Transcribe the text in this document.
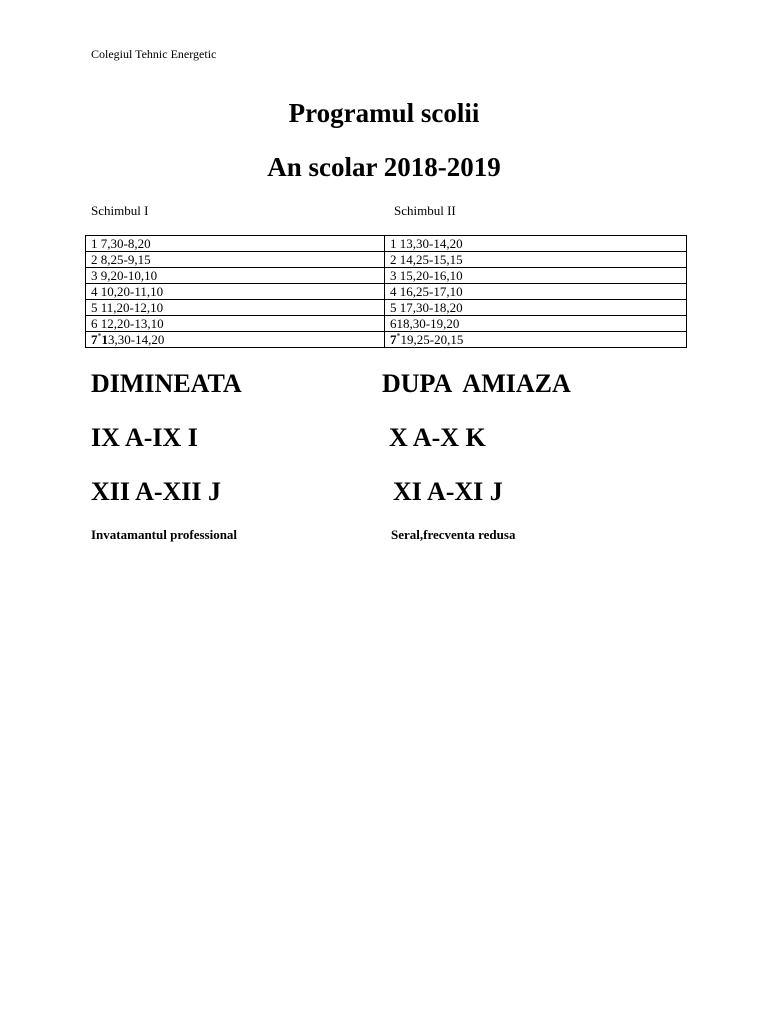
Colegiul Tehnic Energetic
Programul scolii
An scolar 2018-2019
Schimbul I	Schimbul II
1 7,30-8,20	1 13,30-14,20
2 8,25-9,15	2 14,25-15,15
3 9,20-10,10	3 15,20-16,10
4 10,20-11,10	4 16,25-17,10
5 11,20-12,10	5 17,30-18,20
6 12,20-13,10	618,30-19,20
7*13,30-14,20	7*19,25-20,15
DIMINEATA	DUPA  AMIAZA
IX A-IX I	X A-X K
XII A-XII J	XI A-XI J
Invatamantul professional	Seral,frecventa redusa
